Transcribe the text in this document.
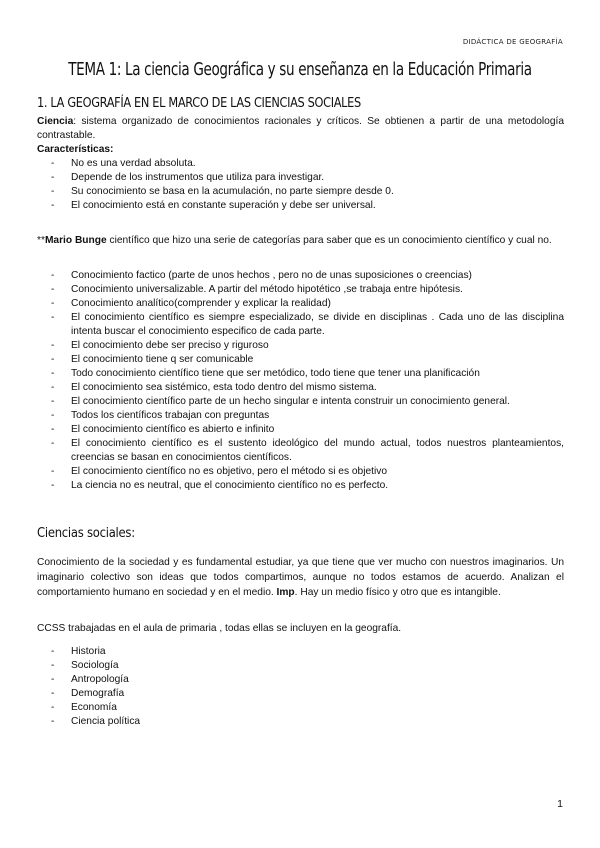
DIDÁCTICA DE GEOGRAFÍA
TEMA 1: La ciencia Geográfica y su enseñanza en la Educación Primaria
1. LA GEOGRAFÍA EN EL MARCO DE LAS CIENCIAS SOCIALES
Ciencia: sistema organizado de conocimientos racionales y críticos. Se obtienen a partir de una metodología contrastable.
Características:
- No es una verdad absoluta.
- Depende de los instrumentos que utiliza para investigar.
- Su conocimiento se basa en la acumulación, no parte siempre desde 0.
- El conocimiento está en constante superación y debe ser universal.
**Mario Bunge científico que hizo una serie de categorías para saber que es un conocimiento científico y cual no.
- Conocimiento factico (parte de unos hechos , pero no de unas suposiciones o creencias)
- Conocimiento universalizable. A partir del método hipotético ,se trabaja entre hipótesis.
- Conocimiento analítico(comprender y explicar la realidad)
- El conocimiento científico es siempre especializado, se divide en disciplinas . Cada uno de las disciplina intenta buscar el conocimiento especifico de cada parte.
- El conocimiento debe ser preciso y riguroso
- El conocimiento tiene q ser comunicable
- Todo conocimiento científico tiene que ser metódico, todo tiene que tener una planificación
- El conocimiento sea sistémico, esta todo dentro del mismo sistema.
- El conocimiento científico parte de un hecho singular e intenta construir un conocimiento general.
- Todos los científicos trabajan con preguntas
- El conocimiento científico es abierto e infinito
- El conocimiento científico es el sustento ideológico del mundo actual, todos nuestros planteamientos, creencias se basan en conocimientos científicos.
- El conocimiento científico no es objetivo, pero el método si es objetivo
- La ciencia no es neutral, que el conocimiento científico no es perfecto.
Ciencias sociales:
Conocimiento de la sociedad y es fundamental estudiar, ya que tiene que ver mucho con nuestros imaginarios. Un imaginario colectivo son ideas que todos compartimos, aunque no todos estamos de acuerdo. Analizan el comportamiento humano en sociedad y en el medio. Imp. Hay un medio físico y otro que es intangible.
CCSS trabajadas en el aula de primaria , todas ellas se incluyen en la geografía.
- Historia
- Sociología
- Antropología
- Demografía
- Economía
- Ciencia política
1
